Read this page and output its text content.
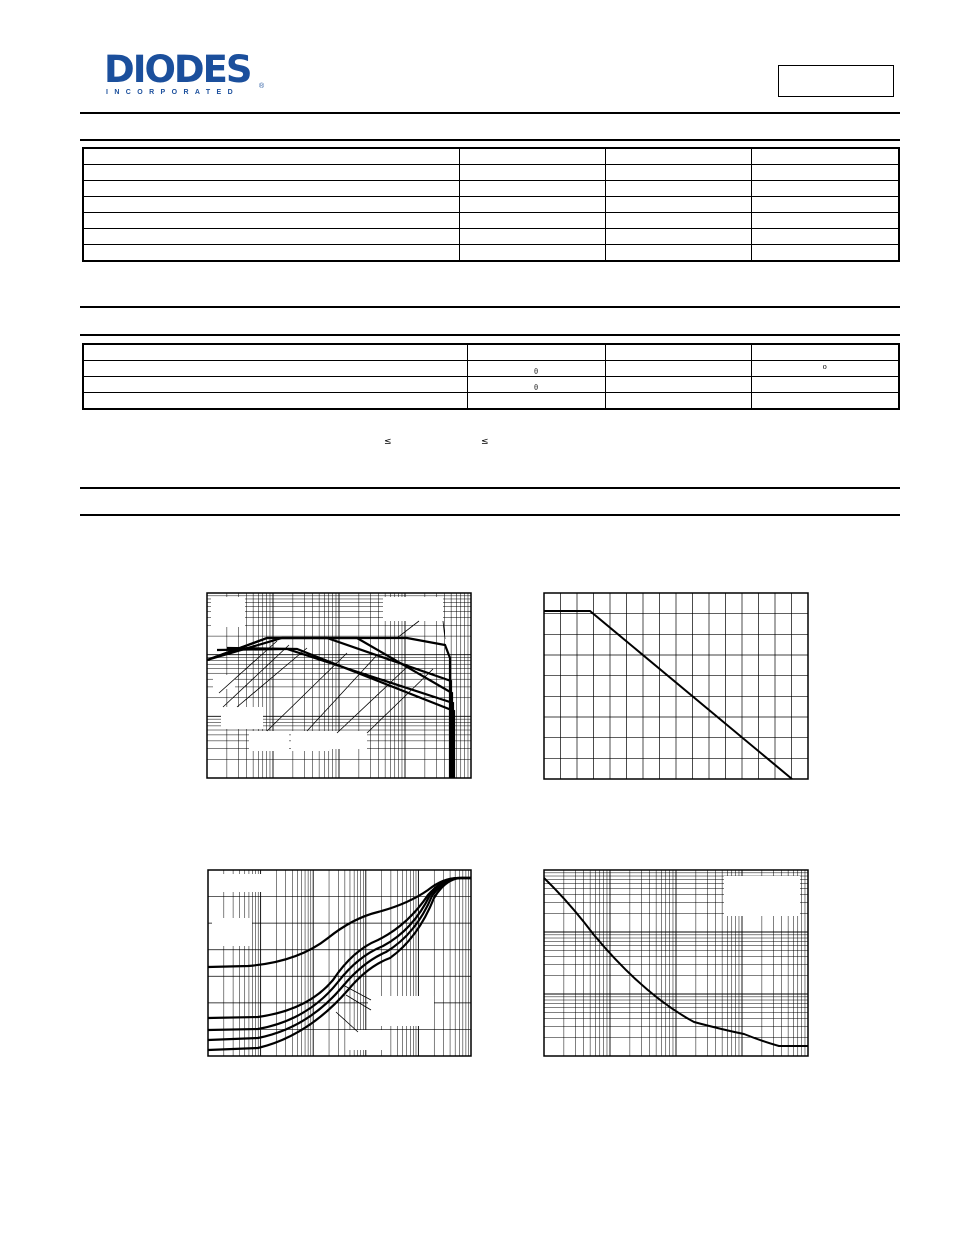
DIODES
INCORPORATED
®

	θ		o
	θ		

≤	≤
